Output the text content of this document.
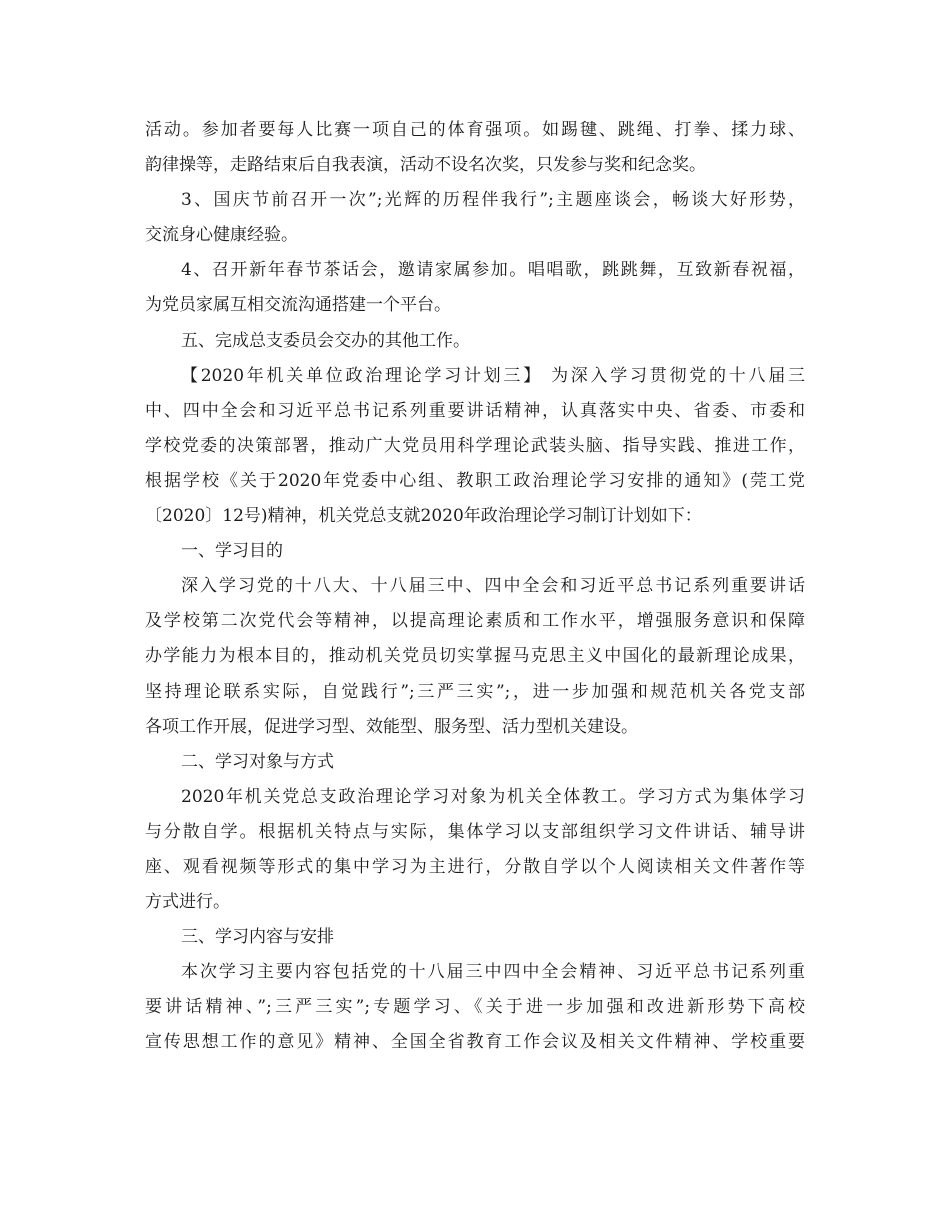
活动。参加者要每人比赛一项自己的体育强项。如踢毽、跳绳、打拳、揉力球、
韵律操等，走路结束后自我表演，活动不设名次奖，只发参与奖和纪念奖。
3、国庆节前召开一次”;光辉的历程伴我行”;主题座谈会，畅谈大好形势，
交流身心健康经验。
4、召开新年春节茶话会，邀请家属参加。唱唱歌，跳跳舞，互致新春祝福，
为党员家属互相交流沟通搭建一个平台。
五、完成总支委员会交办的其他工作。
【2020年机关单位政治理论学习计划三】 为深入学习贯彻党的十八届三
中、四中全会和习近平总书记系列重要讲话精神，认真落实中央、省委、市委和
学校党委的决策部署，推动广大党员用科学理论武装头脑、指导实践、推进工作，
根据学校《关于2020年党委中心组、教职工政治理论学习安排的通知》(莞工党
〔2020〕12号)精神，机关党总支就2020年政治理论学习制订计划如下：
一、学习目的
深入学习党的十八大、十八届三中、四中全会和习近平总书记系列重要讲话
及学校第二次党代会等精神，以提高理论素质和工作水平，增强服务意识和保障
办学能力为根本目的，推动机关党员切实掌握马克思主义中国化的最新理论成果，
坚持理论联系实际，自觉践行”;三严三实”;，进一步加强和规范机关各党支部
各项工作开展，促进学习型、效能型、服务型、活力型机关建设。
二、学习对象与方式
2020年机关党总支政治理论学习对象为机关全体教工。学习方式为集体学习
与分散自学。根据机关特点与实际，集体学习以支部组织学习文件讲话、辅导讲
座、观看视频等形式的集中学习为主进行，分散自学以个人阅读相关文件著作等
方式进行。
三、学习内容与安排
本次学习主要内容包括党的十八届三中四中全会精神、习近平总书记系列重
要讲话精神、”;三严三实”;专题学习、《关于进一步加强和改进新形势下高校
宣传思想工作的意见》精神、全国全省教育工作会议及相关文件精神、学校重要
